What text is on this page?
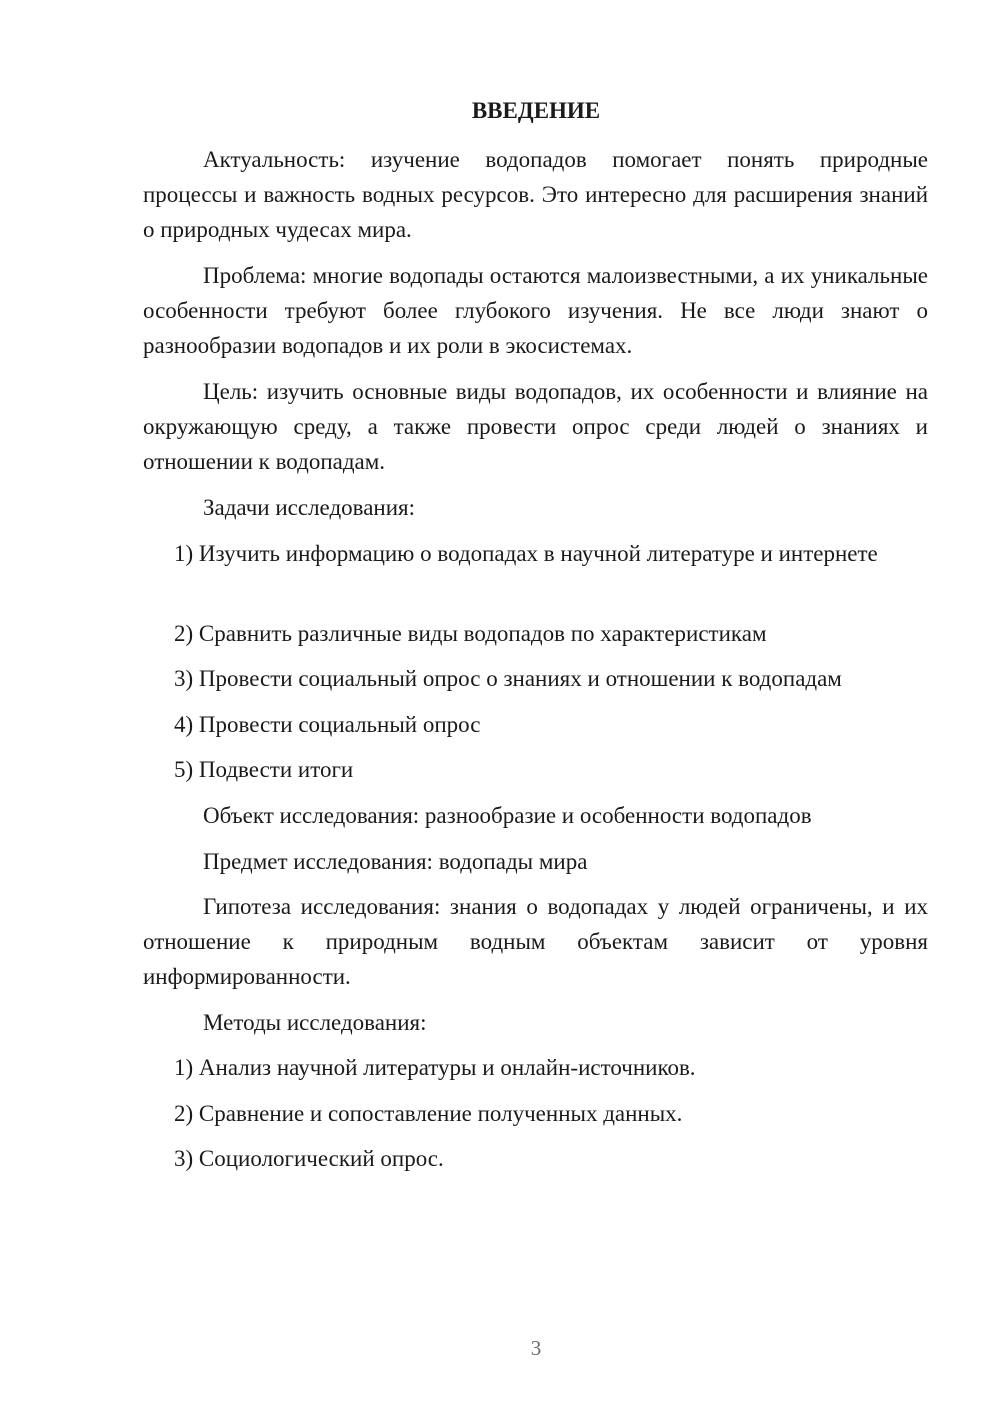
ВВЕДЕНИЕ

Актуальность: изучение водопадов помогает понять природные процессы и важность водных ресурсов. Это интересно для расширения знаний о природных чудесах мира.

Проблема: многие водопады остаются малоизвестными, а их уникальные особенности требуют более глубокого изучения. Не все люди знают о разнообразии водопадов и их роли в экосистемах.

Цель: изучить основные виды водопадов, их особенности и влияние на окружающую среду, а также провести опрос среди людей о знаниях и отношении к водопадам.

Задачи исследования:

1) Изучить информацию о водопадах в научной литературе и интернете

2) Сравнить различные виды водопадов по характеристикам

3) Провести социальный опрос о знаниях и отношении к водопадам

4) Провести социальный опрос

5) Подвести итоги

Объект исследования: разнообразие и особенности водопадов

Предмет исследования: водопады мира

Гипотеза исследования: знания о водопадах у людей ограничены, и их отношение к природным водным объектам зависит от уровня информированности.

Методы исследования:

1) Анализ научной литературы и онлайн-источников.

2) Сравнение и сопоставление полученных данных.

3) Социологический опрос.

3
